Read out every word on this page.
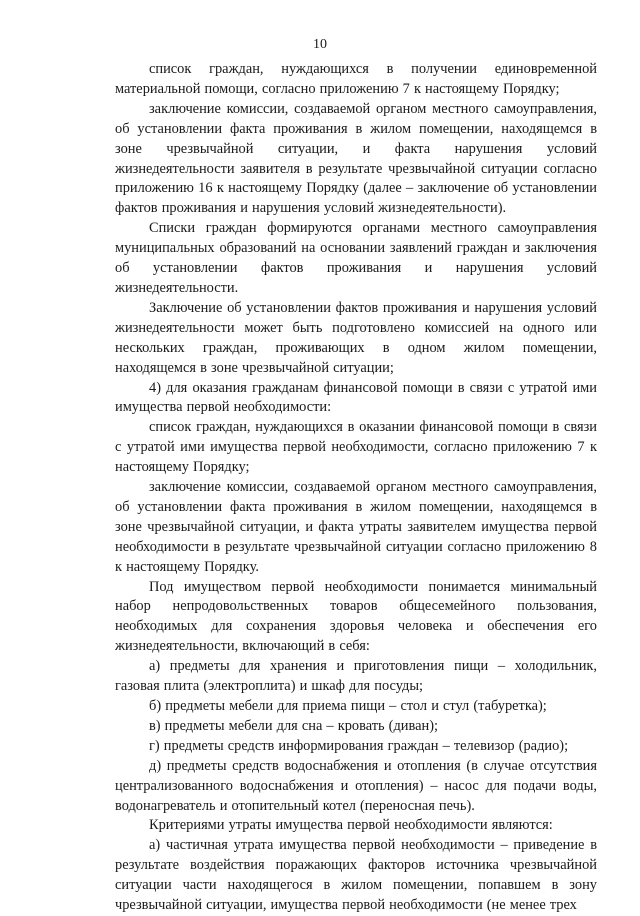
10

список граждан, нуждающихся в получении единовременной материальной помощи, согласно приложению 7 к настоящему Порядку;

заключение комиссии, создаваемой органом местного самоуправления, об установлении факта проживания в жилом помещении, находящемся в зоне чрезвычайной ситуации, и факта нарушения условий жизнедеятельности заявителя в результате чрезвычайной ситуации согласно приложению 16 к настоящему Порядку (далее – заключение об установлении фактов проживания и нарушения условий жизнедеятельности).

Списки граждан формируются органами местного самоуправления муниципальных образований на основании заявлений граждан и заключения об установлении фактов проживания и нарушения условий жизнедеятельности.

Заключение об установлении фактов проживания и нарушения условий жизнедеятельности может быть подготовлено комиссией на одного или нескольких граждан, проживающих в одном жилом помещении, находящемся в зоне чрезвычайной ситуации;

4) для оказания гражданам финансовой помощи в связи с утратой ими имущества первой необходимости:

список граждан, нуждающихся в оказании финансовой помощи в связи с утратой ими имущества первой необходимости, согласно приложению 7 к настоящему Порядку;

заключение комиссии, создаваемой органом местного самоуправления, об установлении факта проживания в жилом помещении, находящемся в зоне чрезвычайной ситуации, и факта утраты заявителем имущества первой необходимости в результате чрезвычайной ситуации согласно приложению 8 к настоящему Порядку.

Под имуществом первой необходимости понимается минимальный набор непродовольственных товаров общесемейного пользования, необходимых для сохранения здоровья человека и обеспечения его жизнедеятельности, включающий в себя:

а) предметы для хранения и приготовления пищи – холодильник, газовая плита (электроплита) и шкаф для посуды;

б) предметы мебели для приема пищи – стол и стул (табуретка);

в) предметы мебели для сна – кровать (диван);

г) предметы средств информирования граждан – телевизор (радио);

д) предметы средств водоснабжения и отопления (в случае отсутствия централизованного водоснабжения и отопления) – насос для подачи воды, водонагреватель и отопительный котел (переносная печь).

Критериями утраты имущества первой необходимости являются:

а) частичная утрата имущества первой необходимости – приведение в результате воздействия поражающих факторов источника чрезвычайной ситуации части находящегося в жилом помещении, попавшем в зону чрезвычайной ситуации, имущества первой необходимости (не менее трех
